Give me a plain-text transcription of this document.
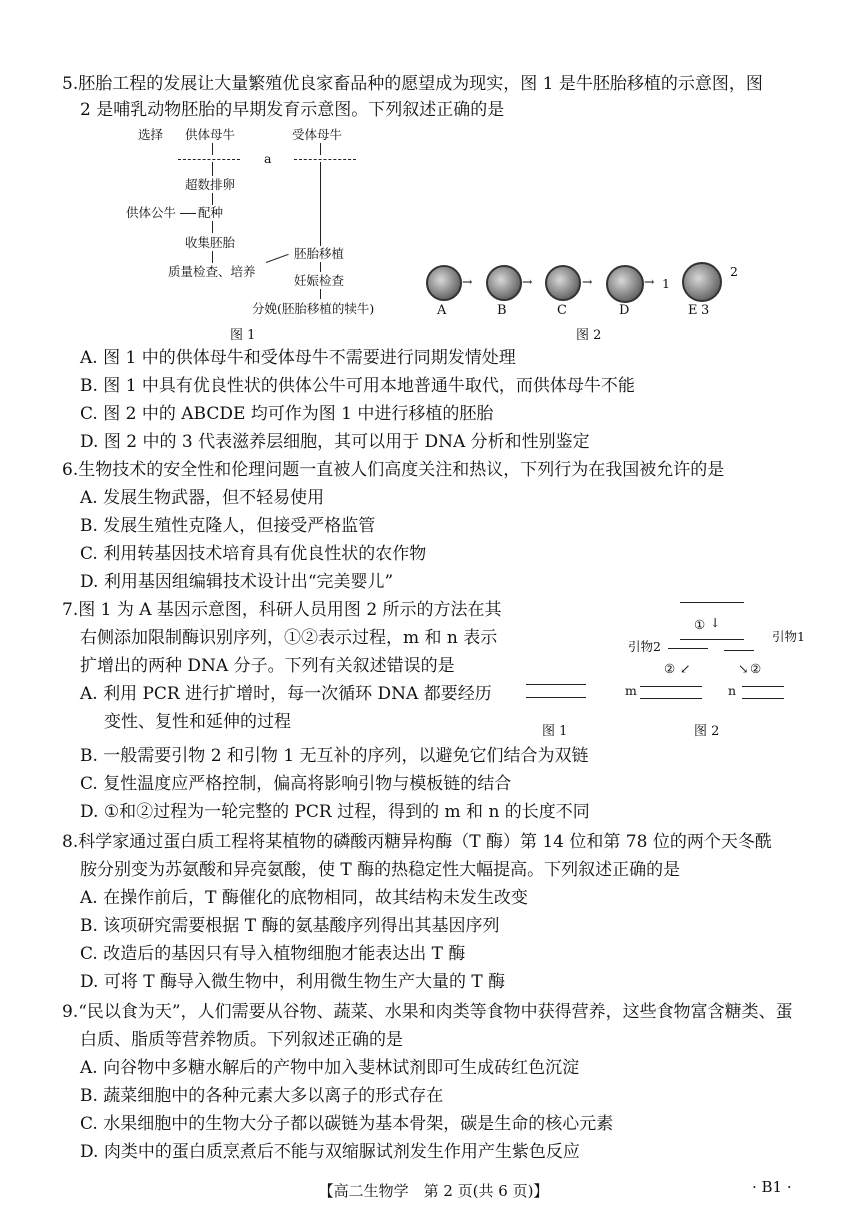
5.胚胎工程的发展让大量繁殖优良家畜品种的愿望成为现实，图 1 是牛胚胎移植的示意图，图
2 是哺乳动物胚胎的早期发育示意图。下列叙述正确的是
选择 供体母牛	受体母牛
a
超数排卵
供体公牛 配种
收集胚胎
质量检查、培养
胚胎移植
妊娠检查
分娩(胚胎移植的犊牛)
图 1
→	→	→	→ 1
2
A	B	C	D	E 3
图 2
A. 图 1 中的供体母牛和受体母牛不需要进行同期发情处理
B. 图 1 中具有优良性状的供体公牛可用本地普通牛取代，而供体母牛不能
C. 图 2 中的 ABCDE 均可作为图 1 中进行移植的胚胎
D. 图 2 中的 3 代表滋养层细胞，其可以用于 DNA 分析和性别鉴定
6.生物技术的安全性和伦理问题一直被人们高度关注和热议，下列行为在我国被允许的是
A. 发展生物武器，但不轻易使用
B. 发展生殖性克隆人，但接受严格监管
C. 利用转基因技术培育具有优良性状的农作物
D. 利用基因组编辑技术设计出“完美婴儿”
7.图 1 为 A 基因示意图，科研人员用图 2 所示的方法在其
右侧添加限制酶识别序列，①②表示过程，m 和 n 表示
扩增出的两种 DNA 分子。下列有关叙述错误的是
A. 利用 PCR 进行扩增时，每一次循环 DNA 都要经历
变性、复性和延伸的过程	图 1
① ↓
引物2
引物1
② ↙	↘ ②
m	n
图 2
B. 一般需要引物 2 和引物 1 无互补的序列，以避免它们结合为双链
C. 复性温度应严格控制，偏高将影响引物与模板链的结合
D. ①和②过程为一轮完整的 PCR 过程，得到的 m 和 n 的长度不同
8.科学家通过蛋白质工程将某植物的磷酸丙糖异构酶（T 酶）第 14 位和第 78 位的两个天冬酰
胺分别变为苏氨酸和异亮氨酸，使 T 酶的热稳定性大幅提高。下列叙述正确的是
A. 在操作前后，T 酶催化的底物相同，故其结构未发生改变
B. 该项研究需要根据 T 酶的氨基酸序列得出其基因序列
C. 改造后的基因只有导入植物细胞才能表达出 T 酶
D. 可将 T 酶导入微生物中，利用微生物生产大量的 T 酶
9.“民以食为天”，人们需要从谷物、蔬菜、水果和肉类等食物中获得营养，这些食物富含糖类、蛋
白质、脂质等营养物质。下列叙述正确的是
A. 向谷物中多糖水解后的产物中加入斐林试剂即可生成砖红色沉淀
B. 蔬菜细胞中的各种元素大多以离子的形式存在
C. 水果细胞中的生物大分子都以碳链为基本骨架，碳是生命的核心元素
D. 肉类中的蛋白质烹煮后不能与双缩脲试剂发生作用产生紫色反应
【高二生物学　第 2 页(共 6 页)】	· B1 ·
